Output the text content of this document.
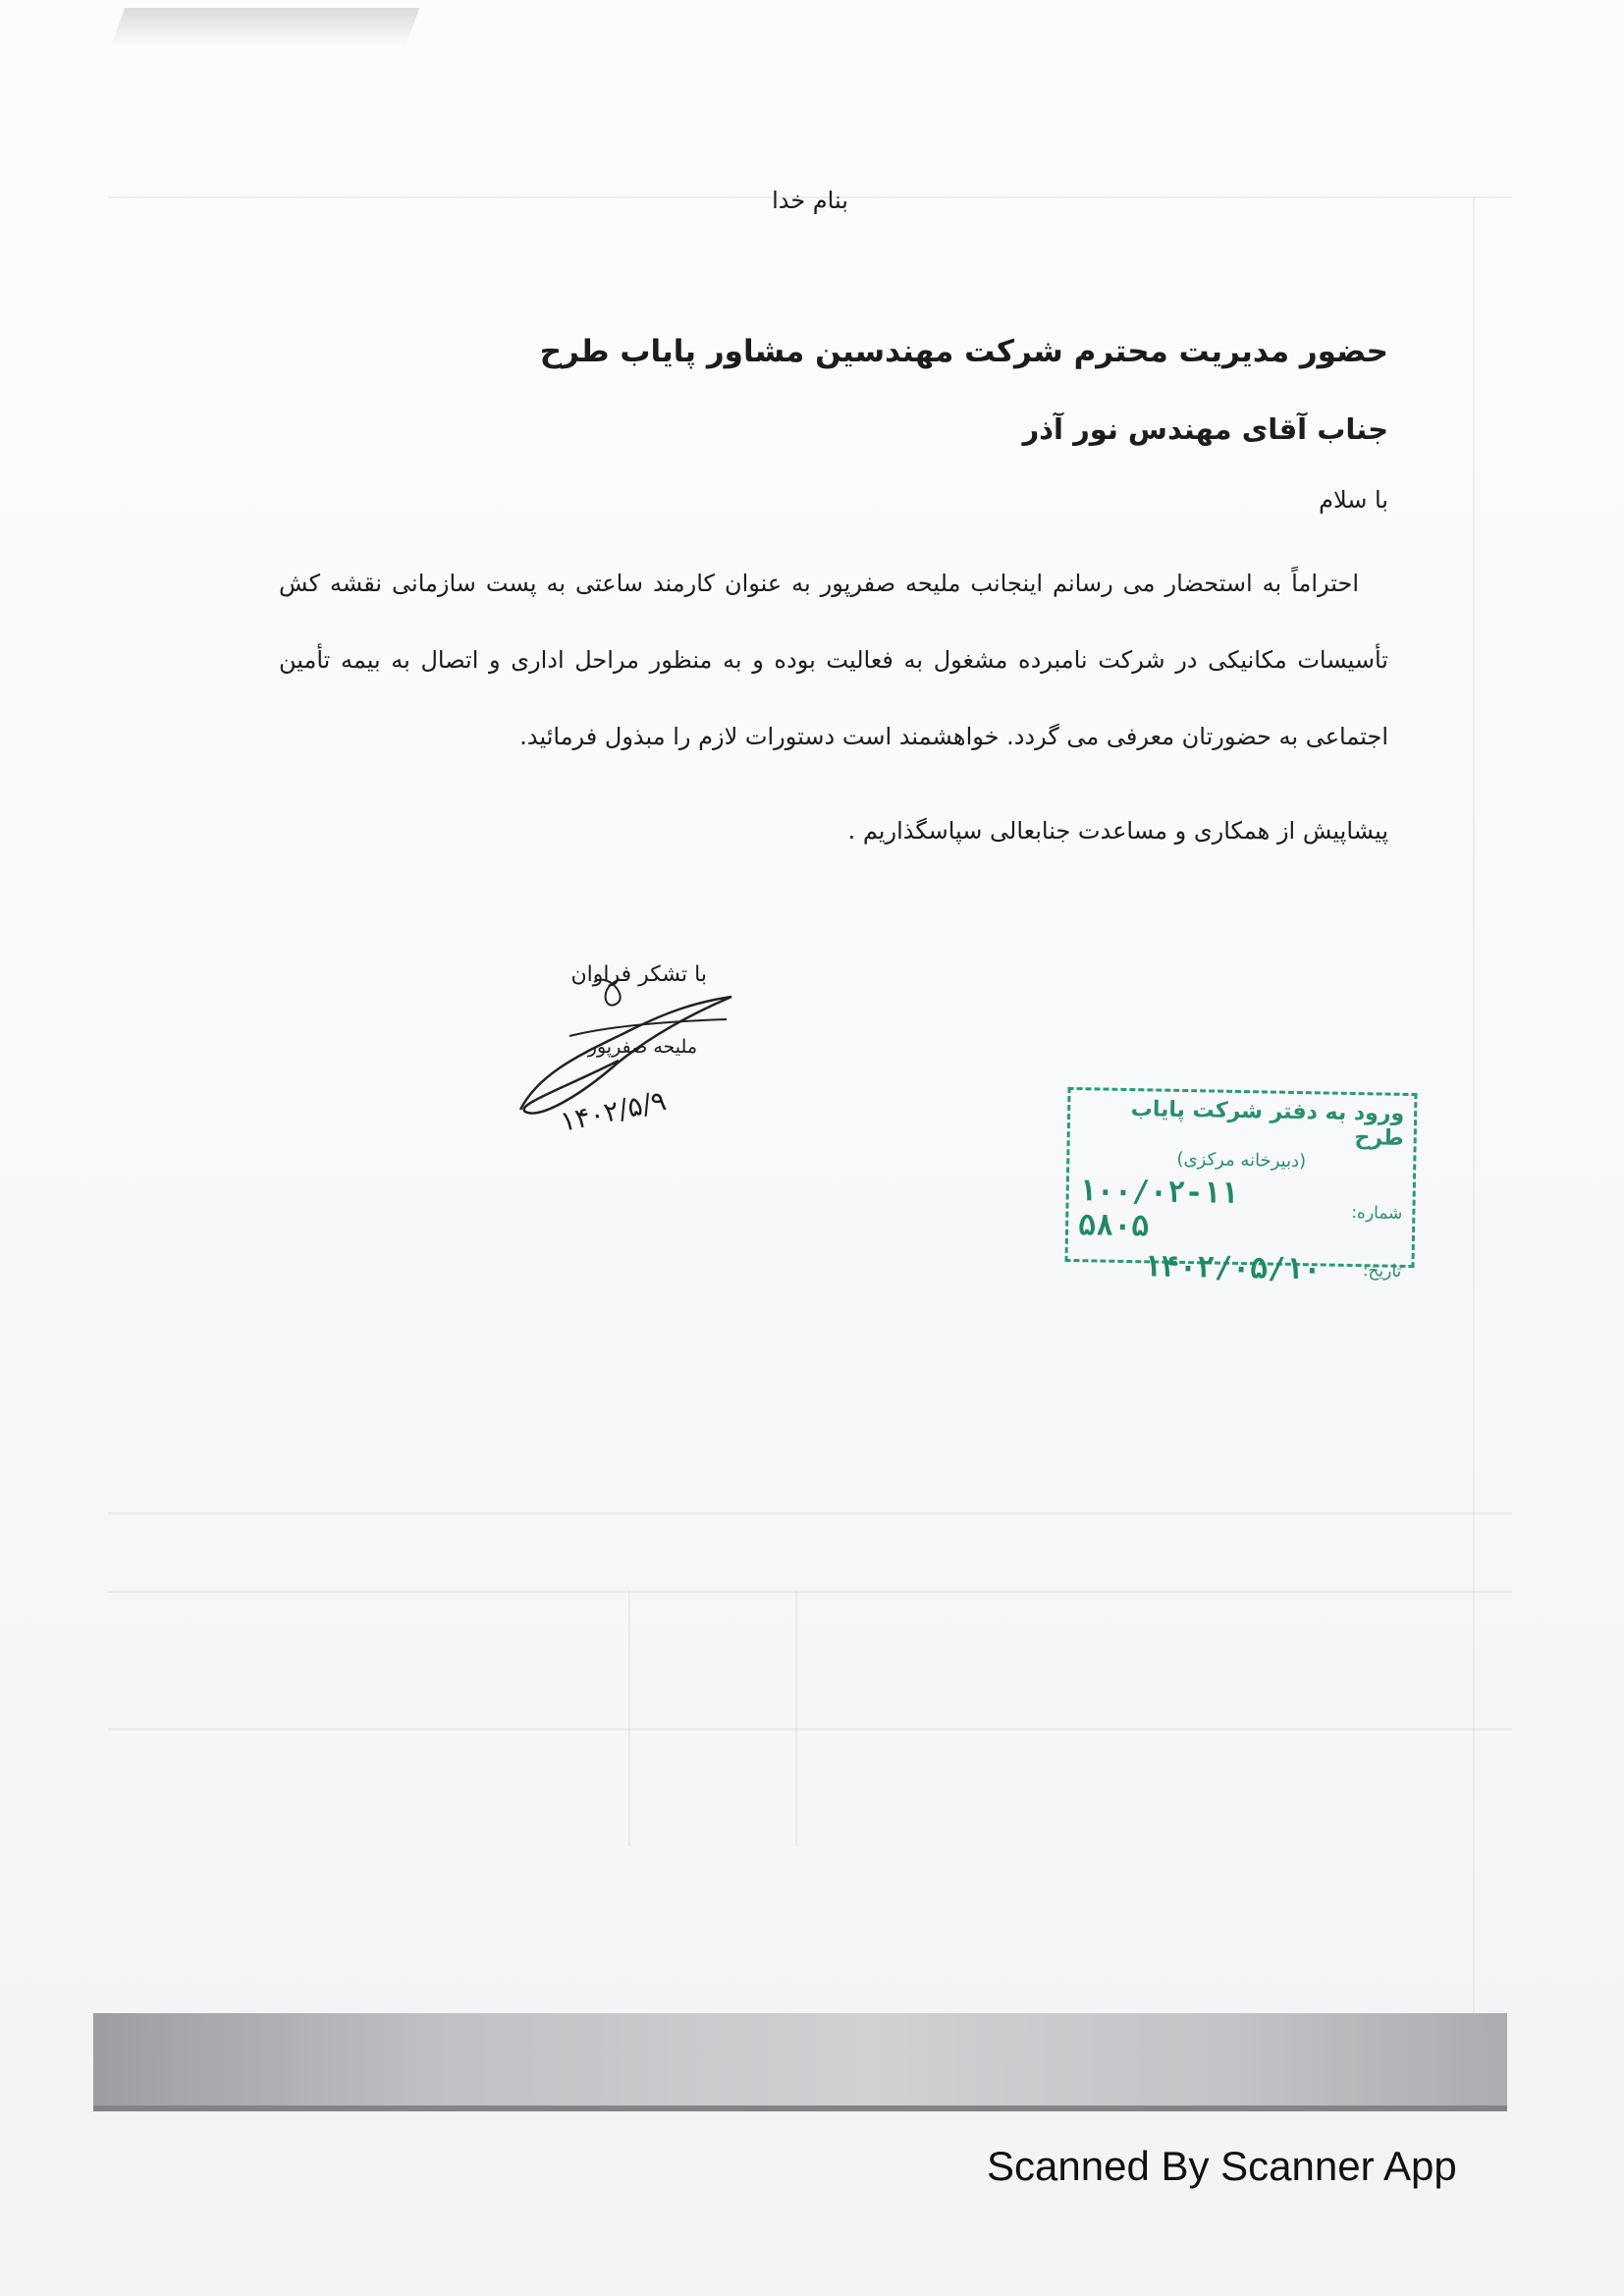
بنام خدا
حضور مدیریت محترم شرکت مهندسین مشاور پایاب طرح
جناب آقای مهندس نور آذر
با سلام
احتراماً به استحضار می رسانم اینجانب ملیحه صفرپور به عنوان کارمند ساعتی به پست سازمانی نقشه کش تأسیسات مکانیکی در شرکت نامبرده مشغول به فعالیت بوده و به منظور مراحل اداری و اتصال به بیمه تأمین اجتماعی به حضورتان معرفی می گردد. خواهشمند است دستورات لازم را مبذول فرمائید.
پیشاپیش از همکاری و مساعدت جنابعالی سپاسگذاریم .
با تشکر فراوان
ملیحه صفرپور
۱۴۰۲/۵/۹	ورود به دفتر شرکت پایاب طرح
(دبیرخانه مرکزی)
شماره:
۱۰۰/۰۲-۱۱ ۵۸۰۵
تاریخ:
۱۴۰۲/۰۵/۱۰
Scanned By Scanner App
